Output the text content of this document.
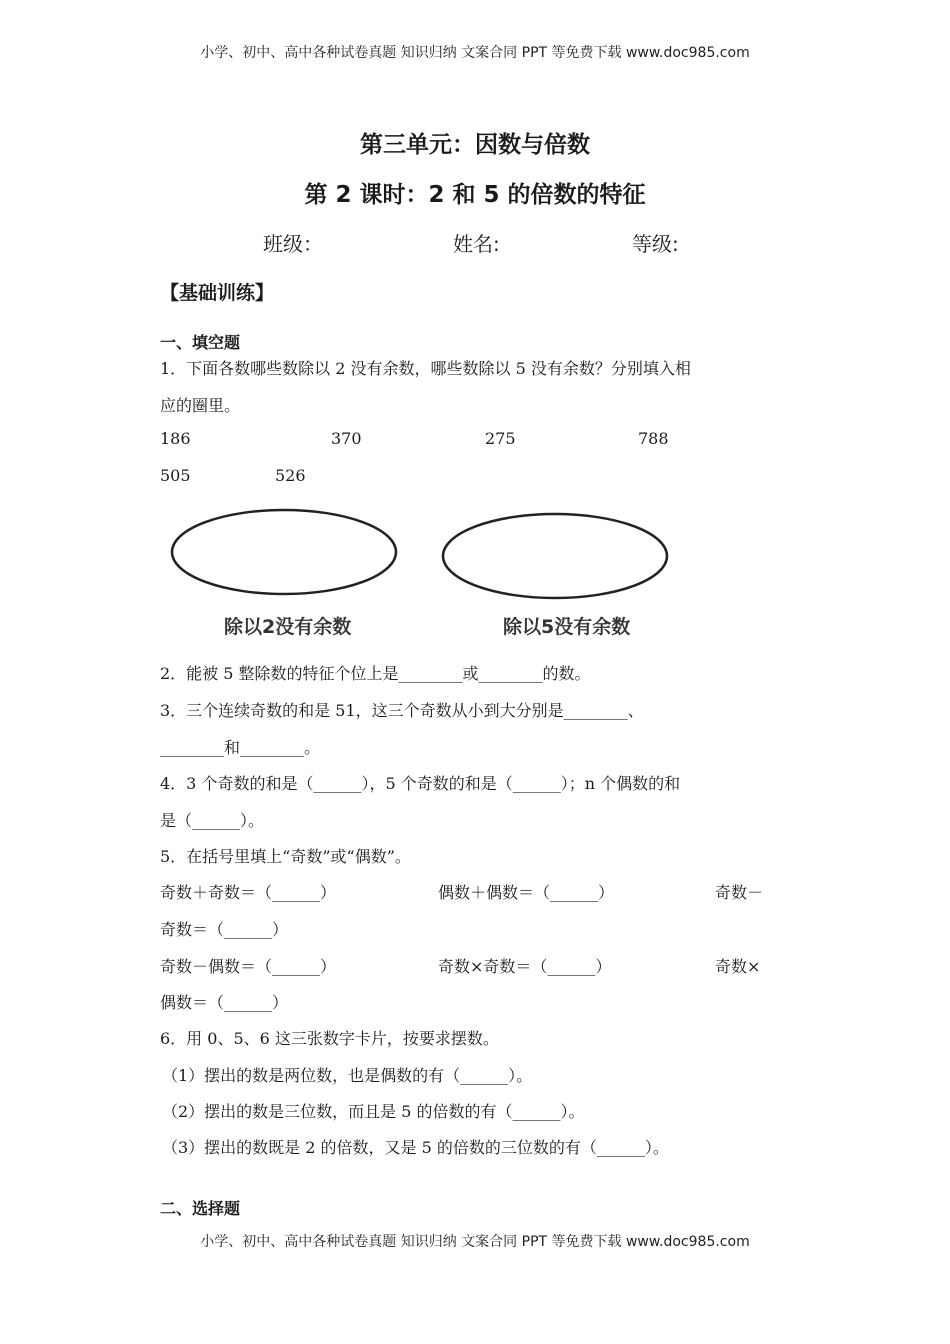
小学、初中、高中各种试卷真题 知识归纳 文案合同 PPT 等免费下载 www.doc985.com
第三单元：因数与倍数
第 2 课时：2 和 5 的倍数的特征
班级：	姓名:	等级:
【基础训练】
一、填空题
1．下面各数哪些数除以 2 没有余数，哪些数除以 5 没有余数？分别填入相
应的圈里。
186	370	275	788
505	526
除以2没有余数	除以5没有余数
2．能被 5 整除数的特征个位上是________或________的数。
3．三个连续奇数的和是 51，这三个奇数从小到大分别是________、
________和________。
4．3 个奇数的和是（______），5 个奇数的和是（______）；n 个偶数的和
是（______）。
5．在括号里填上“奇数”或“偶数”。
奇数＋奇数＝（______）	偶数＋偶数＝（______）	奇数－
奇数＝（______）
奇数－偶数＝（______）	奇数×奇数＝（______）	奇数×
偶数＝（______）
6．用 0、5、6 这三张数字卡片，按要求摆数。
（1）摆出的数是两位数，也是偶数的有（______）。
（2）摆出的数是三位数，而且是 5 的倍数的有（______）。
（3）摆出的数既是 2 的倍数，又是 5 的倍数的三位数的有（______）。
二、选择题
小学、初中、高中各种试卷真题 知识归纳 文案合同 PPT 等免费下载 www.doc985.com
